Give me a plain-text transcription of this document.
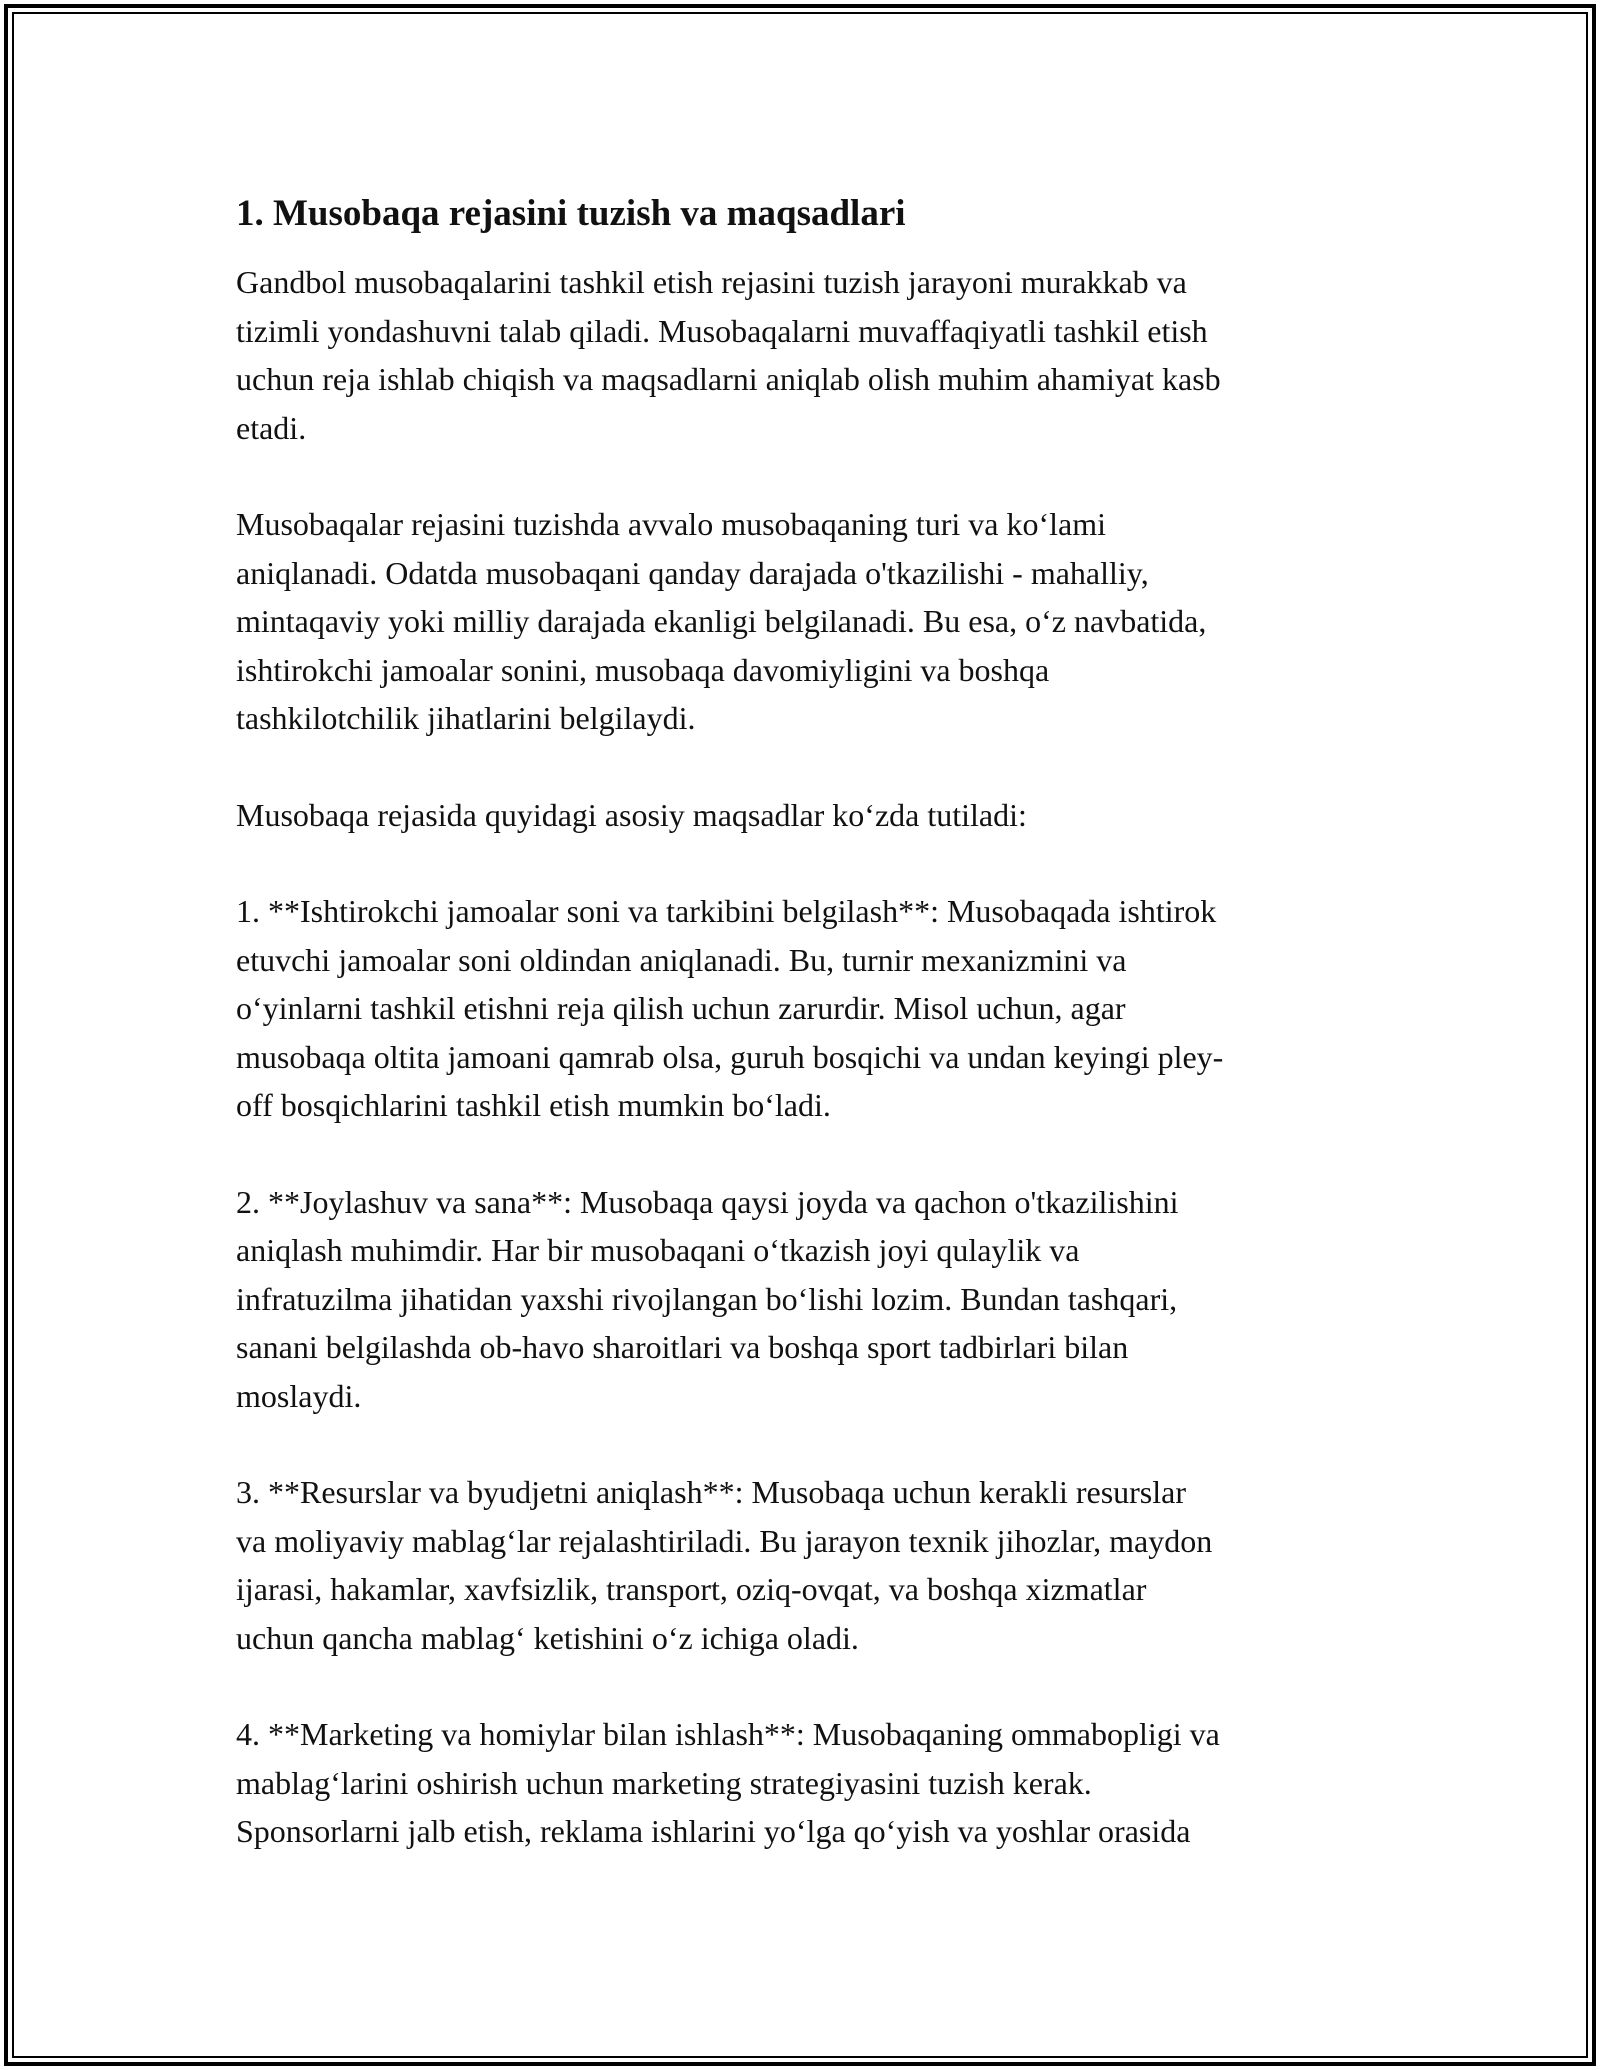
1. Musobaqa rejasini tuzish va maqsadlari

Gandbol musobaqalarini tashkil etish rejasini tuzish jarayoni murakkab va
tizimli yondashuvni talab qiladi. Musobaqalarni muvaffaqiyatli tashkil etish
uchun reja ishlab chiqish va maqsadlarni aniqlab olish muhim ahamiyat kasb
etadi.

Musobaqalar rejasini tuzishda avvalo musobaqaning turi va ko‘lami
aniqlanadi. Odatda musobaqani qanday darajada o'tkazilishi - mahalliy,
mintaqaviy yoki milliy darajada ekanligi belgilanadi. Bu esa, o‘z navbatida,
ishtirokchi jamoalar sonini, musobaqa davomiyligini va boshqa
tashkilotchilik jihatlarini belgilaydi.

Musobaqa rejasida quyidagi asosiy maqsadlar ko‘zda tutiladi:

1. **Ishtirokchi jamoalar soni va tarkibini belgilash**: Musobaqada ishtirok
etuvchi jamoalar soni oldindan aniqlanadi. Bu, turnir mexanizmini va
o‘yinlarni tashkil etishni reja qilish uchun zarurdir. Misol uchun, agar
musobaqa oltita jamoani qamrab olsa, guruh bosqichi va undan keyingi pley-
off bosqichlarini tashkil etish mumkin bo‘ladi.

2. **Joylashuv va sana**: Musobaqa qaysi joyda va qachon o'tkazilishini
aniqlash muhimdir. Har bir musobaqani o‘tkazish joyi qulaylik va
infratuzilma jihatidan yaxshi rivojlangan bo‘lishi lozim. Bundan tashqari,
sanani belgilashda ob-havo sharoitlari va boshqa sport tadbirlari bilan
moslaydi.

3. **Resurslar va byudjetni aniqlash**: Musobaqa uchun kerakli resurslar
va moliyaviy mablag‘lar rejalashtiriladi. Bu jarayon texnik jihozlar, maydon
ijarasi, hakamlar, xavfsizlik, transport, oziq-ovqat, va boshqa xizmatlar
uchun qancha mablag‘ ketishini o‘z ichiga oladi.

4. **Marketing va homiylar bilan ishlash**: Musobaqaning ommabopligi va
mablag‘larini oshirish uchun marketing strategiyasini tuzish kerak.
Sponsorlarni jalb etish, reklama ishlarini yo‘lga qo‘yish va yoshlar orasida
